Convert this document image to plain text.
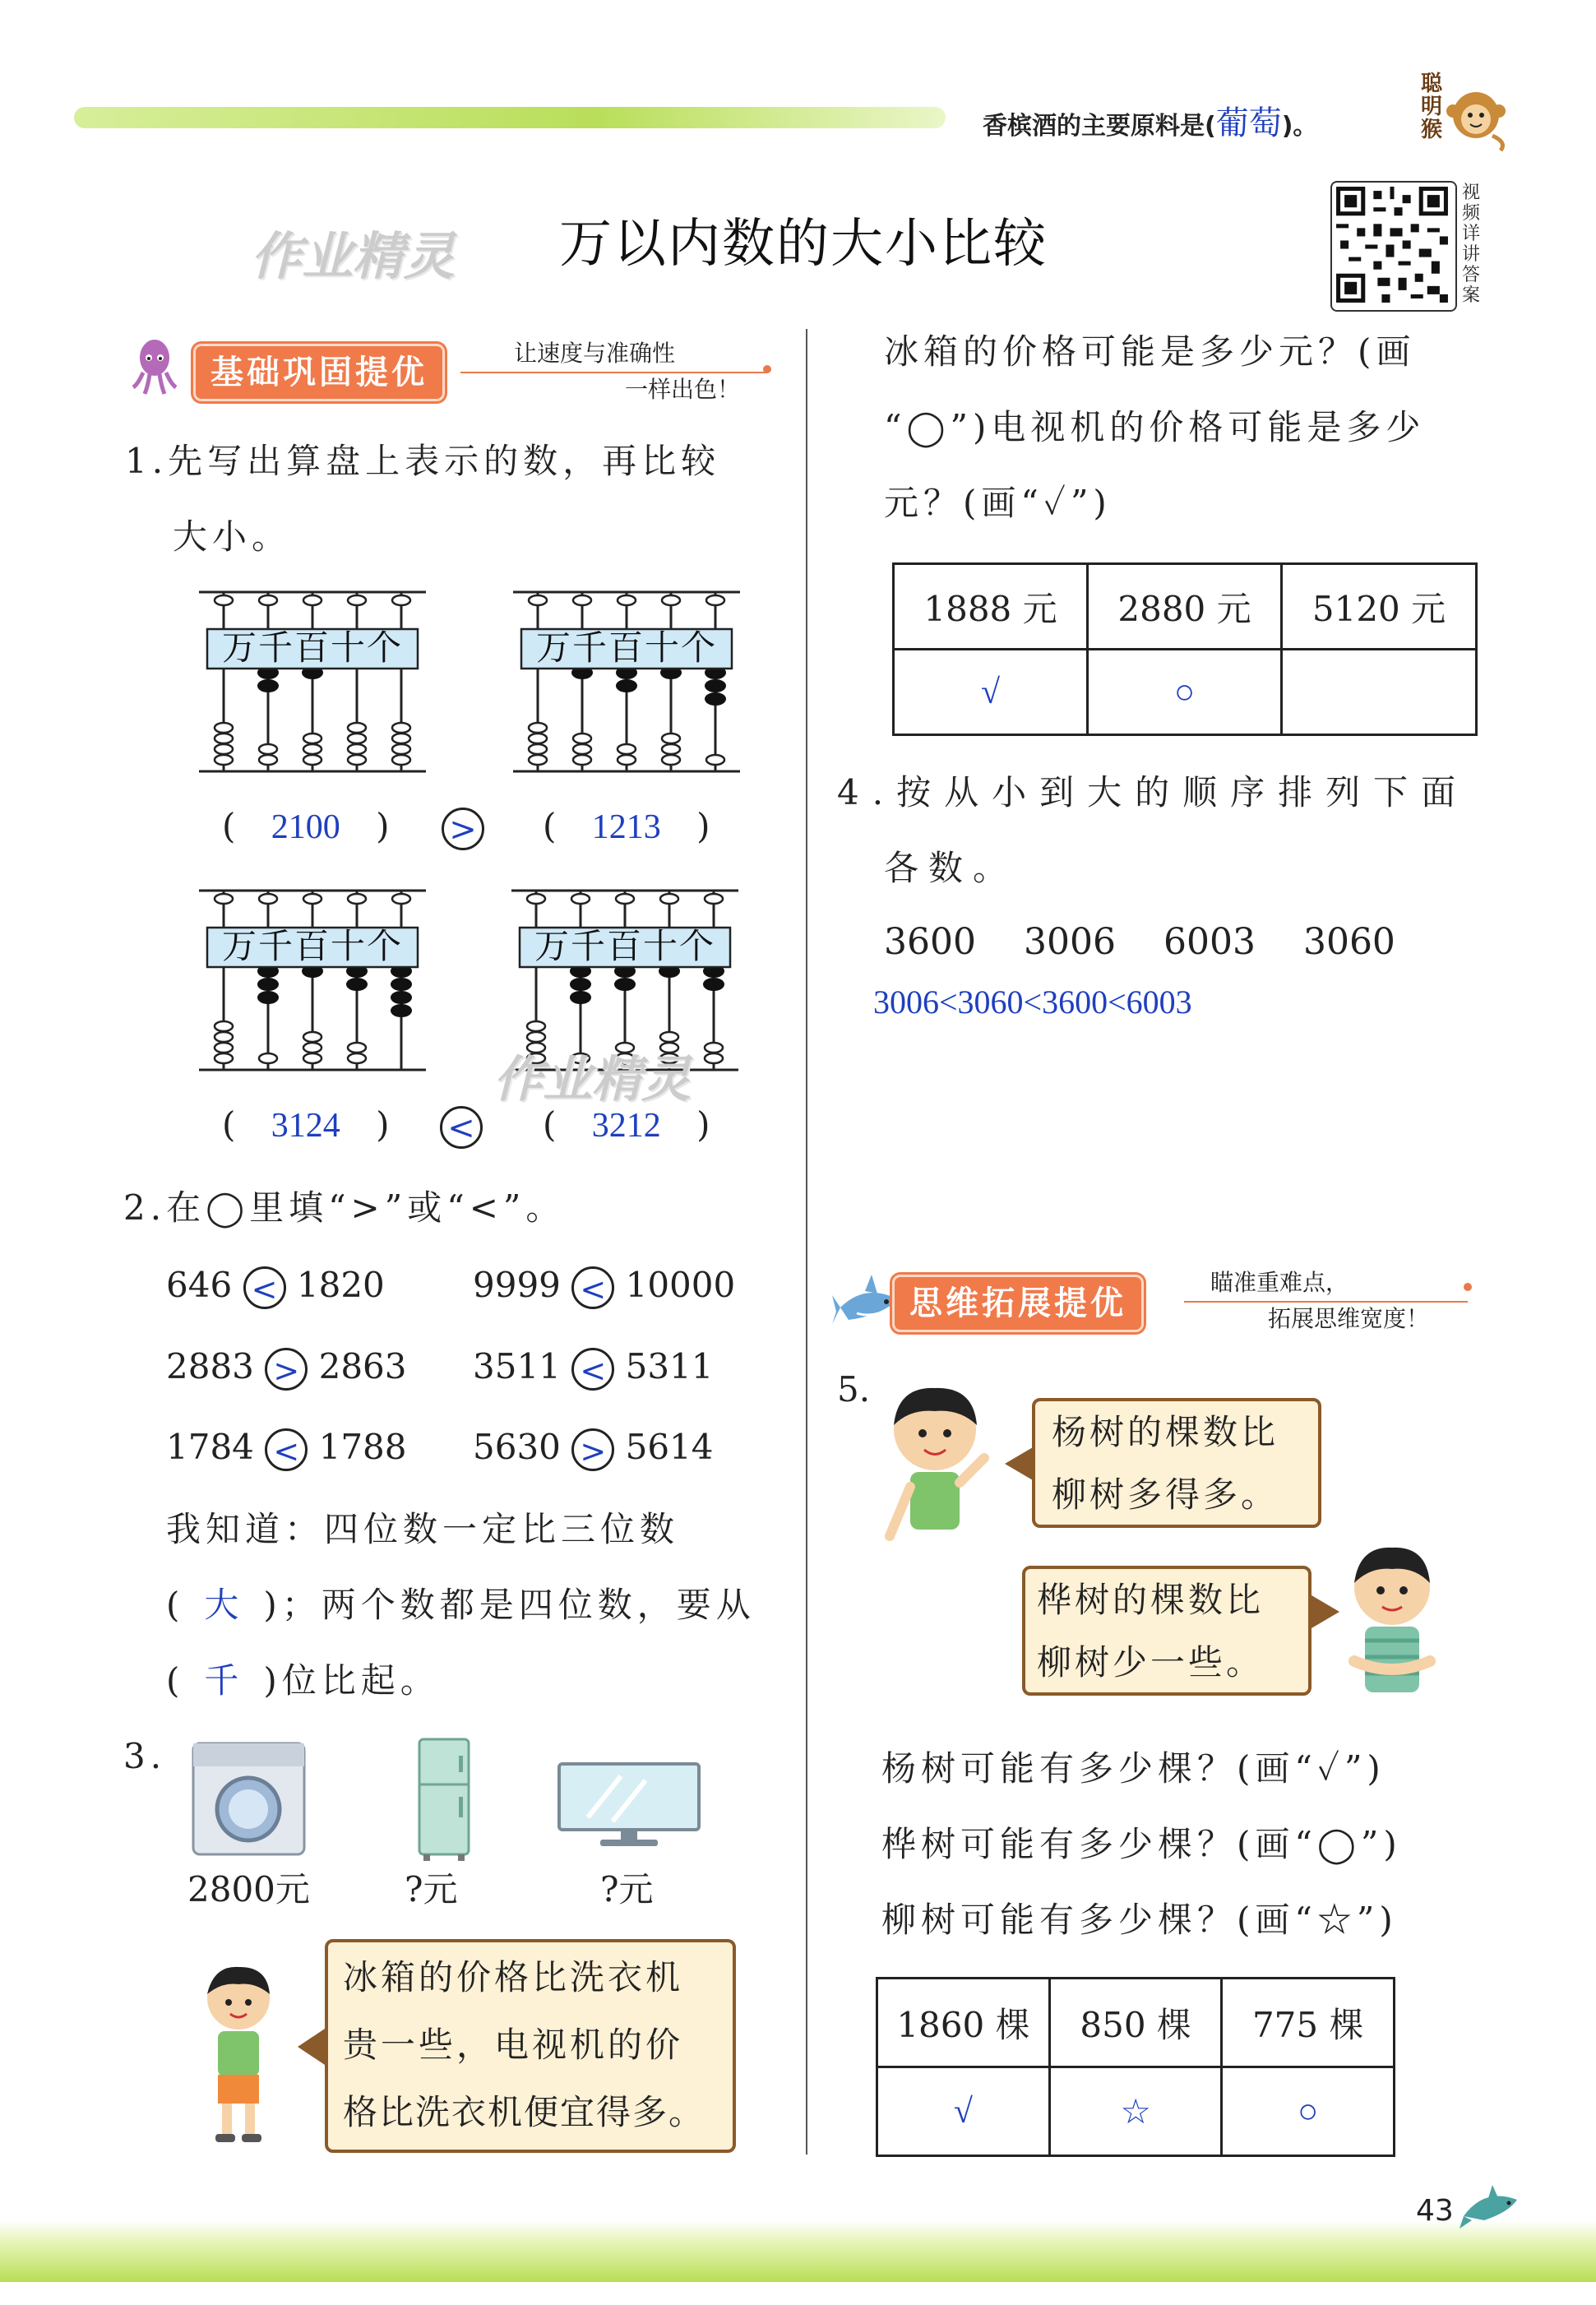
香槟酒的主要原料是(葡萄)。
聪明猴
作业精灵 万以内数的大小比较
视频详讲答案
基础巩固提优
让速度与准确性
一样出色！
1.先写出算盘上表示的数，再比较
大小。
万千百十个	万千百十个
万千百十个	万千百十个
( 2100 )	> ( 1213 )
( 3124 )	< ( 3212 )
作业精灵
2.在◯里填“>”或“<”。
646 < 1820	9999 < 10000
2883 > 2863 3511 < 5311
1784 < 1788 5630 > 5614
我知道：四位数一定比三位数
( 大 )；两个数都是四位数，要从
( 千 )位比起。
3.
2800元	?元	?元
冰箱的价格比洗衣机
贵一些，电视机的价
格比洗衣机便宜得多。
冰箱的价格可能是多少元？(画
“◯”)电视机的价格可能是多少
元？(画“✓”)
1888 元	2880 元	5120 元
√	○	
4.按从小到大的顺序排列下面
各数。
3600 3006 6003 3060
3006<3060<3600<6003
思维拓展提优
瞄准重难点，
拓展思维宽度！
5.
杨树的棵数比
柳树多得多。
桦树的棵数比
柳树少一些。
杨树可能有多少棵？(画“✓”)
桦树可能有多少棵？(画“◯”)
柳树可能有多少棵？(画“☆”)
1860 棵	850 棵	775 棵
√	☆	○
43
